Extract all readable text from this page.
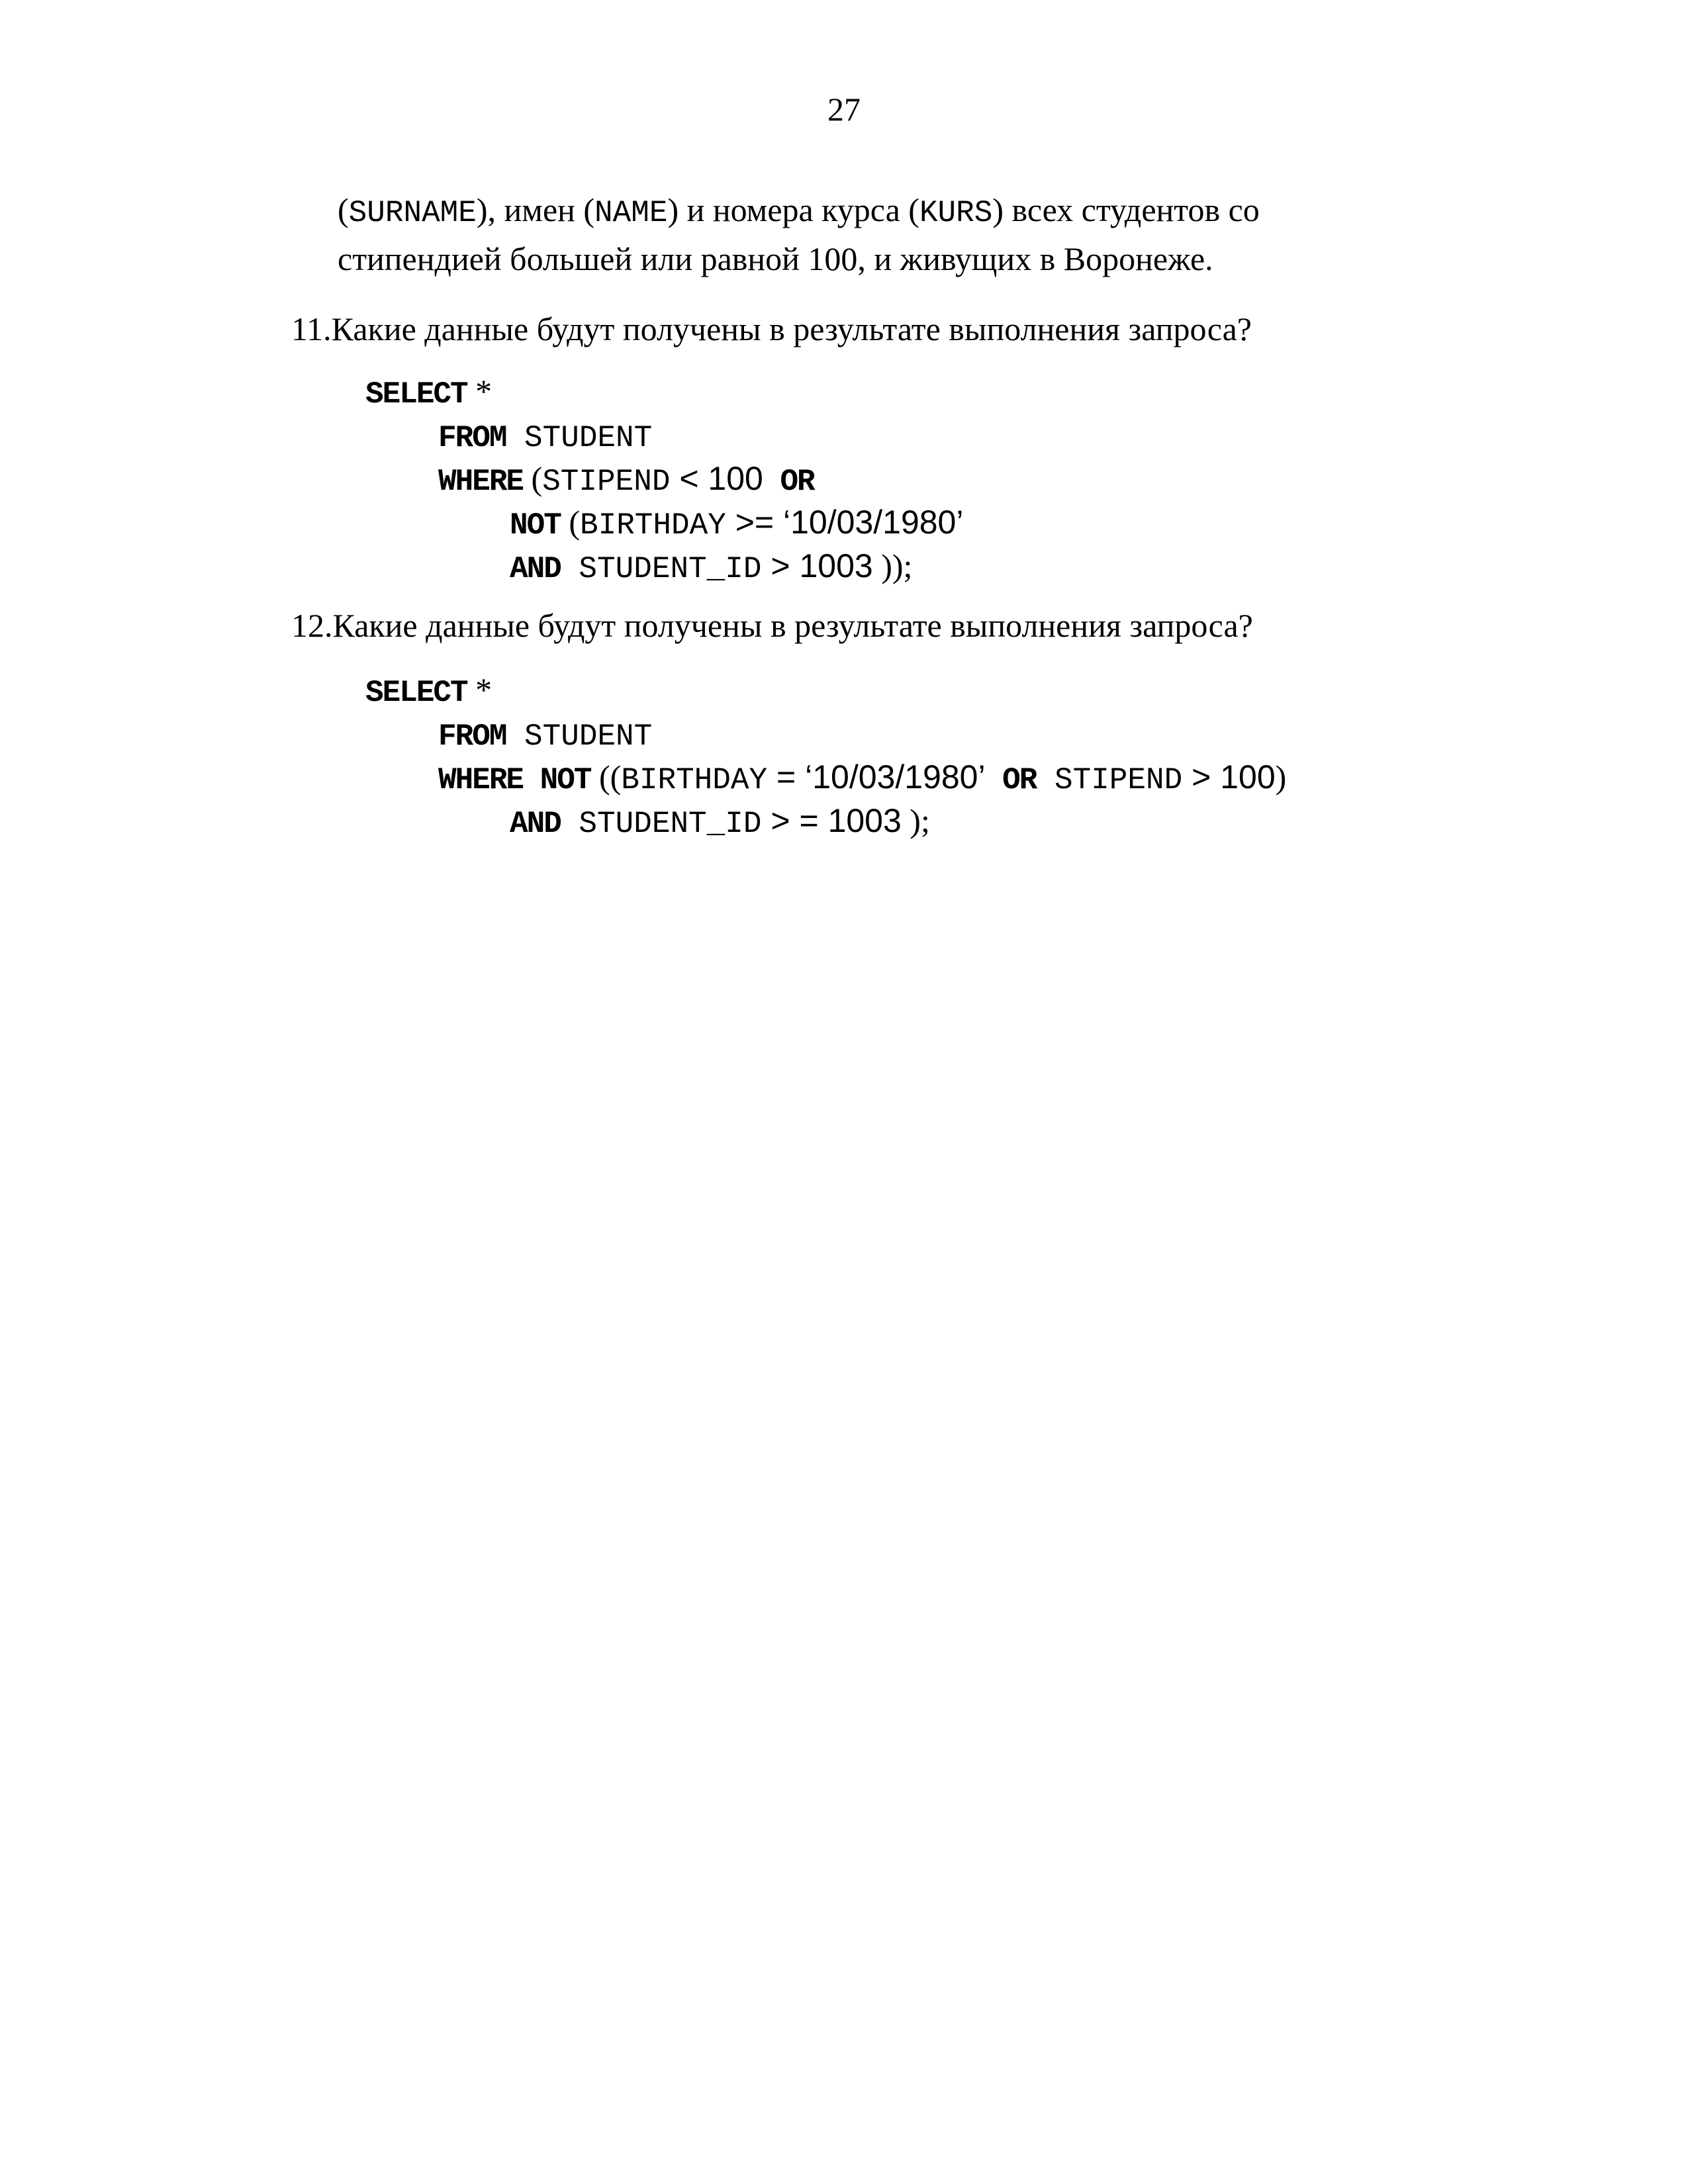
27
(SURNAME), имен (NAME) и номера курса (KURS) всех студентов со
стипендией большей или равной 100, и живущих в Воронеже.
11.Какие данные будут получены в результате выполнения запроса?
SELECT *
FROM STUDENT
WHERE (STIPEND < 100 OR
NOT (BIRTHDAY >= ‘10/03/1980’
AND STUDENT_ID > 1003 ));
12.Какие данные будут получены в результате выполнения запроса?
SELECT *
FROM STUDENT
WHERE NOT ((BIRTHDAY = ‘10/03/1980’ OR STIPEND > 100)
AND STUDENT_ID > = 1003 );
